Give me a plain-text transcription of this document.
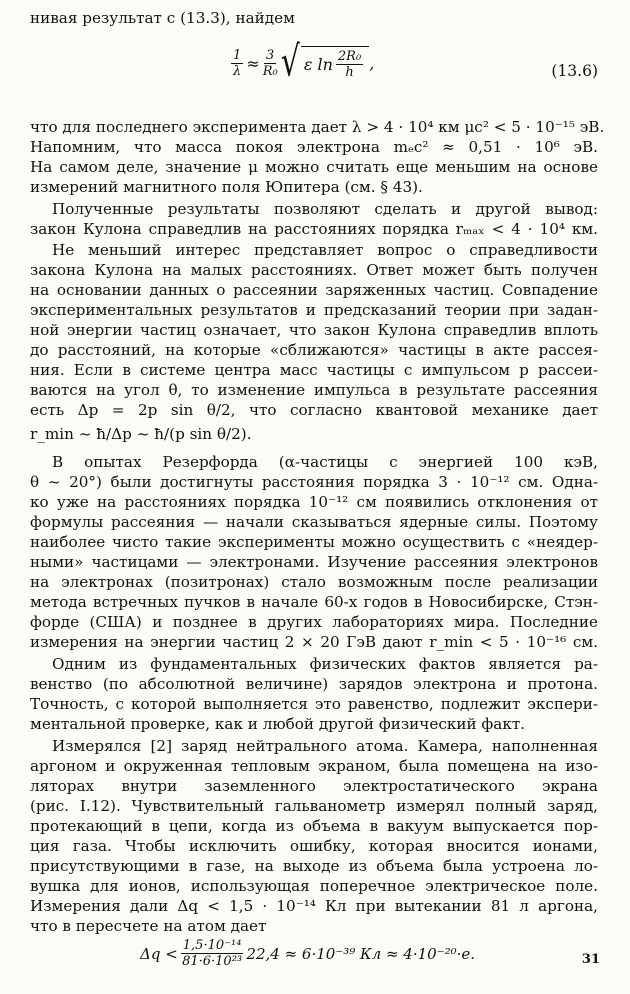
нивая результат с (13.3), найдем
$\frac{1}{\lambda} \approx \frac{3}{\text{R₀}}$ √ ε $\ln \frac{\text{2R₀}}{h}$ ,	(13.6)
что для последнего эксперимента дает λ > 4 · 10⁴ км μc² < 5 · 10⁻¹⁵ эВ.
Напомним, что масса покоя электрона mₑc² ≈ 0,51 · 10⁶ эВ.
На самом деле, значение μ можно считать еще меньшим на основе
измерений магнитного поля Юпитера (см. § 43).
Полученные результаты позволяют сделать и другой вывод:
закон Кулона справедлив на расстояниях порядка rₘₐₓ < 4 · 10⁴ км.
Не меньший интерес представляет вопрос о справедливости
закона Кулона на малых расстояниях. Ответ может быть получен
на основании данных о рассеянии заряженных частиц. Совпадение
экспериментальных результатов и предсказаний теории при задан-
ной энергии частиц означает, что закон Кулона справедлив вплоть
до расстояний, на которые «сближаются» частицы в акте рассея-
ния. Если в системе центра масс частицы с импульсом p рассеи-
ваются на угол θ, то изменение импульса в результате рассеяния
есть Δp = 2p sin θ/2, что согласно квантовой механике дает
r_min ~ ħ/Δp ~ ħ/(p sin θ/2).
В опытах Резерфорда (α-частицы с энергией 100 кэВ,
θ ~ 20°) были достигнуты расстояния порядка 3 · 10⁻¹² см. Одна-
ко уже на расстояниях порядка 10⁻¹² см появились отклонения от
формулы рассеяния — начали сказываться ядерные силы. Поэтому
наиболее чисто такие эксперименты можно осуществить с «неядер-
ными» частицами — электронами. Изучение рассеяния электронов
на электронах (позитронах) стало возможным после реализации
метода встречных пучков в начале 60-х годов в Новосибирске, Стэн-
форде (США) и позднее в других лабораториях мира. Последние
измерения на энергии частиц 2 × 20 ГэВ дают r_min < 5 · 10⁻¹⁶ см.
Одним из фундаментальных физических фактов является ра-
венство (по абсолютной величине) зарядов электрона и протона.
Точность, с которой выполняется это равенство, подлежит экспери-
ментальной проверке, как и любой другой физический факт.
Измерялся [2] заряд нейтрального атома. Камера, наполненная
аргоном и окруженная тепловым экраном, была помещена на изо-
ляторах внутри заземленного электростатического экрана
(рис. I.12). Чувствительный гальванометр измерял полный заряд,
протекающий в цепи, когда из объема в вакуум выпускается пор-
ция газа. Чтобы исключить ошибку, которая вносится ионами,
присутствующими в газе, на выходе из объема была устроена ло-
вушка для ионов, использующая поперечное электрическое поле.
Измерения дали Δq < 1,5 · 10⁻¹⁴ Кл при вытекании 81 л аргона,
что в пересчете на атом дает
$\Delta q < \frac{\text{1,5·10⁻¹⁴}}{\text{81·6·10²³}} 22,4 \approx 6\cdot 10^{-39}$ Кл ≈ 4·10⁻²⁰·e.	31
